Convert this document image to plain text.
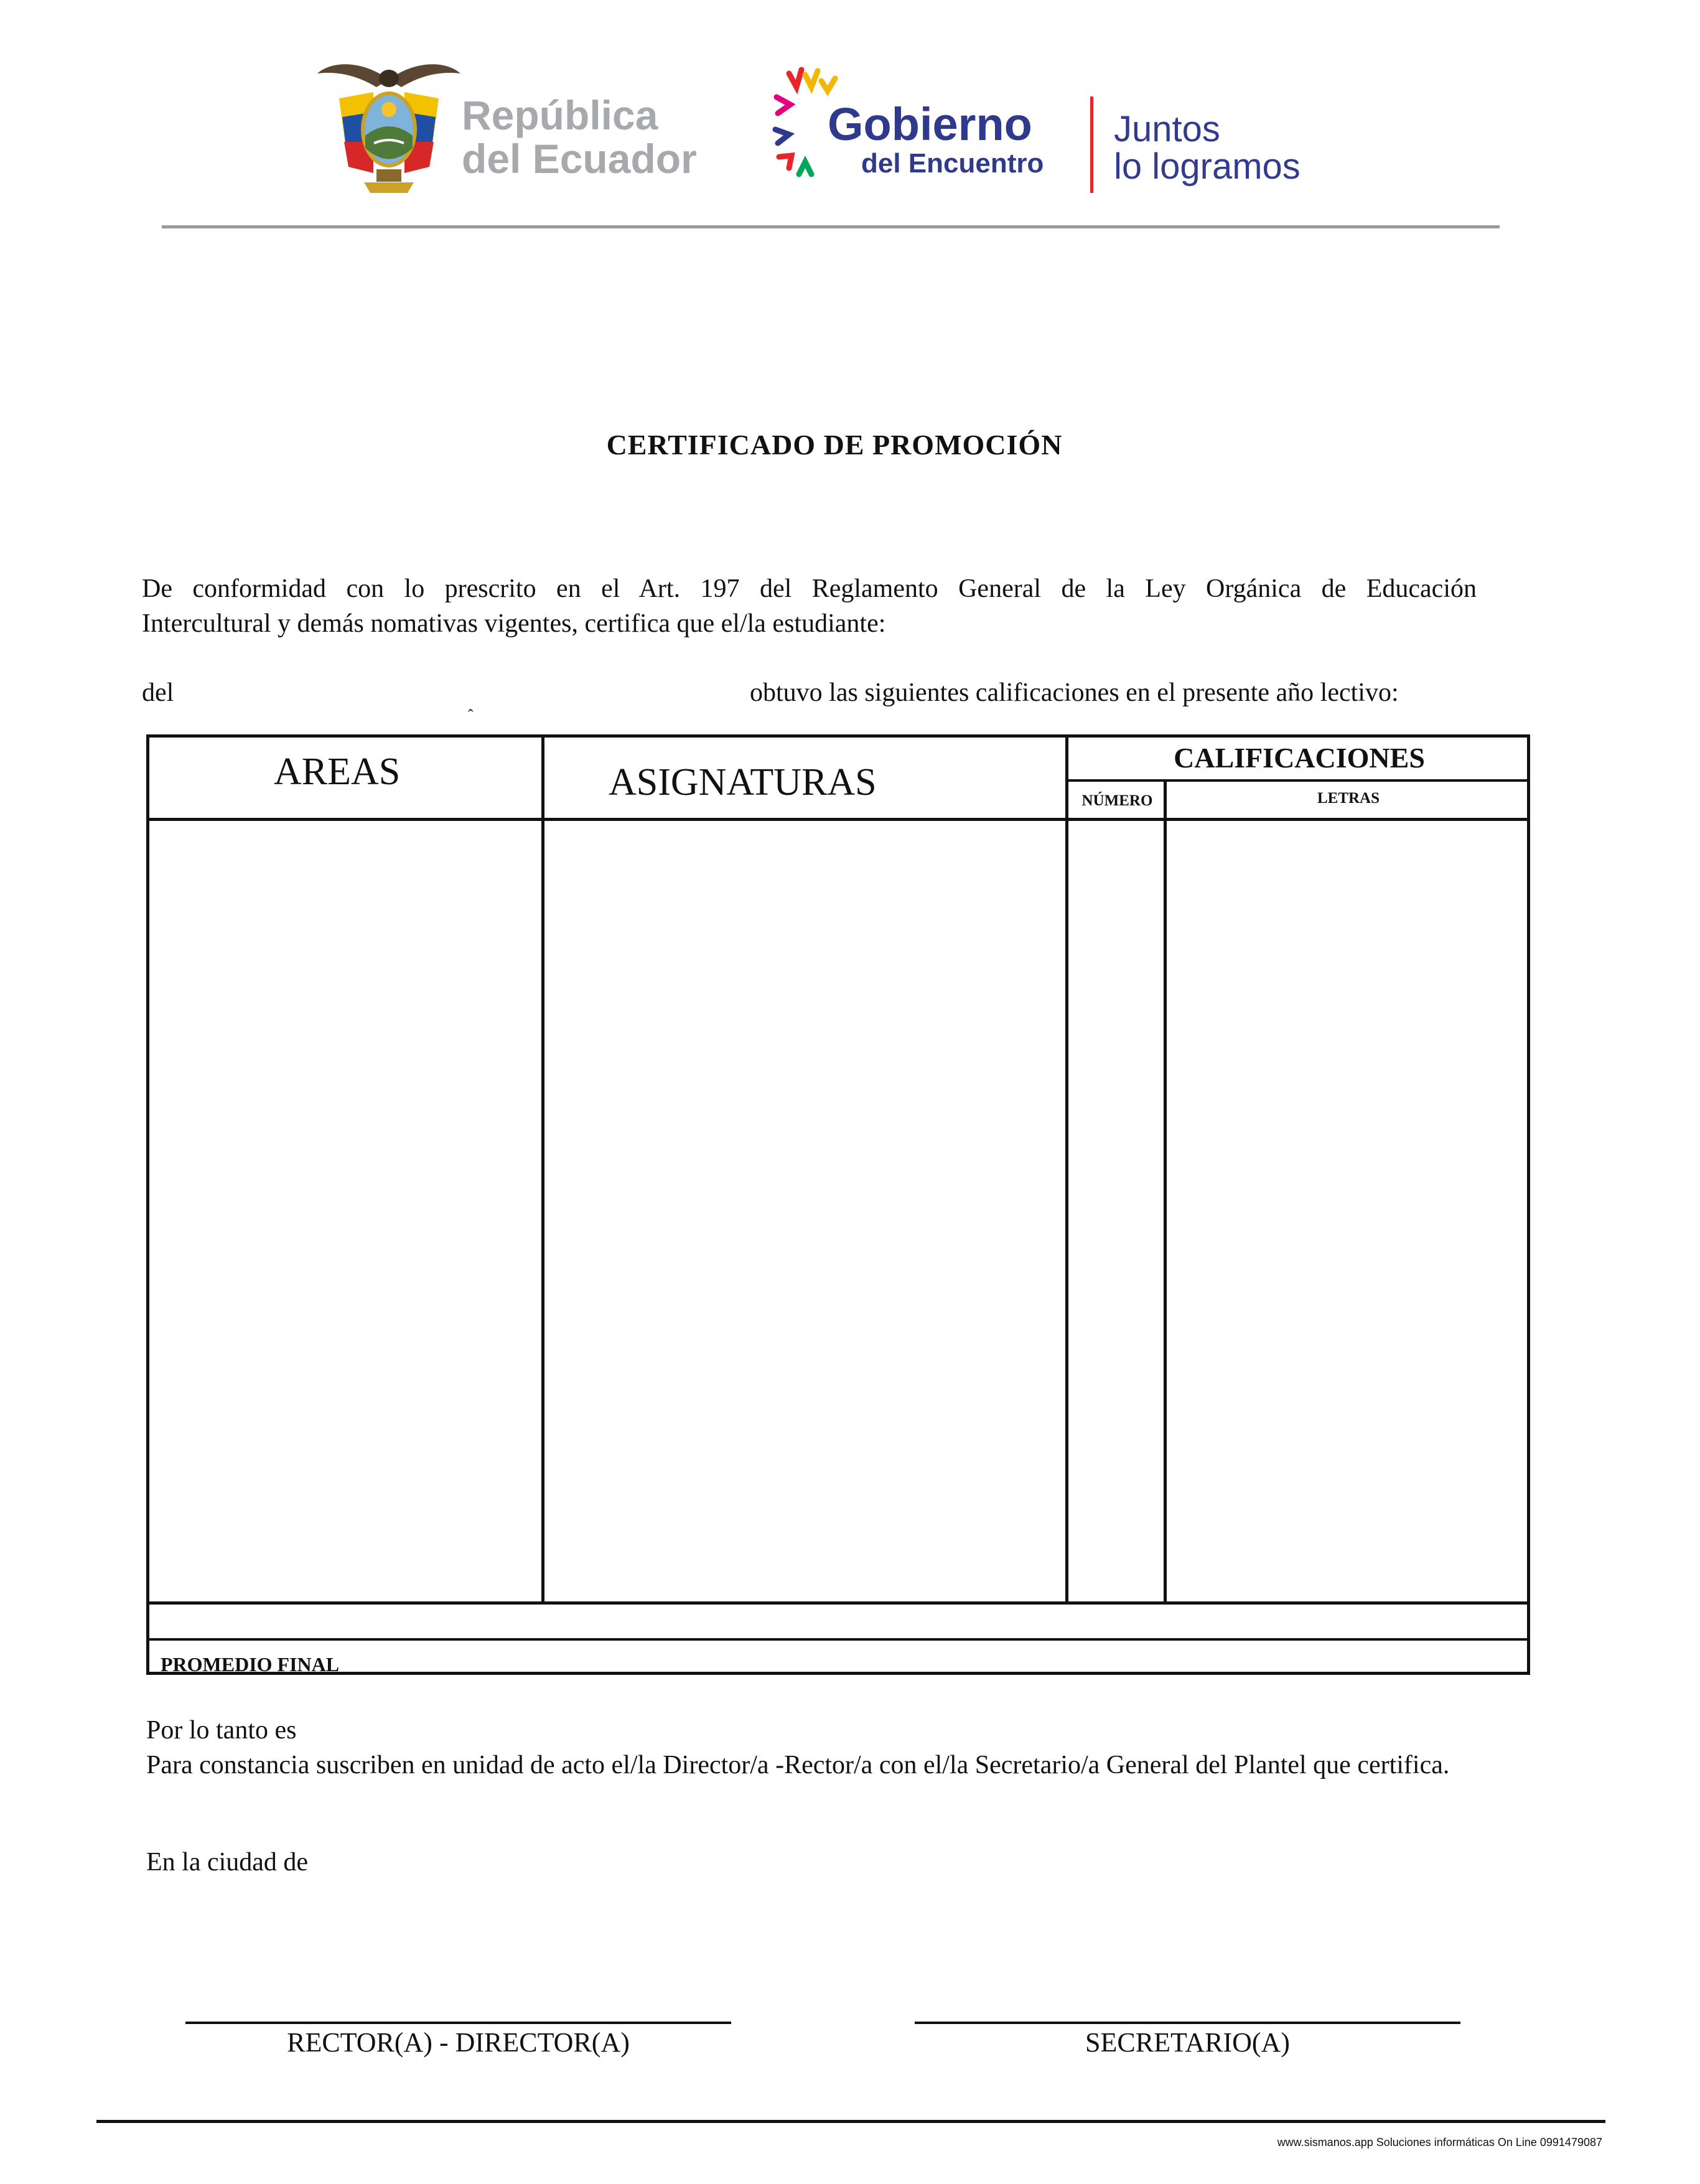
República
del Ecuador
Gobierno
del Encuentro
Juntos
lo logramos
CERTIFICADO DE PROMOCIÓN
De conformidad con lo prescrito en el Art. 197 del Reglamento General de la Ley Orgánica de Educación
Intercultural y demás nomativas vigentes, certifica que el/la estudiante:
del	obtuvo las siguientes calificaciones en el presente año lectivo:
ˆ
AREAS	ASIGNATURAS
CALIFICACIONES
NÚMERO	LETRAS
PROMEDIO FINAL
Por lo tanto es
Para constancia suscriben en unidad de acto el/la Director/a -Rector/a con el/la Secretario/a General del Plantel que certifica.
En la ciudad de
RECTOR(A) - DIRECTOR(A)	SECRETARIO(A)
www.sismanos.app Soluciones informáticas On Line 0991479087
